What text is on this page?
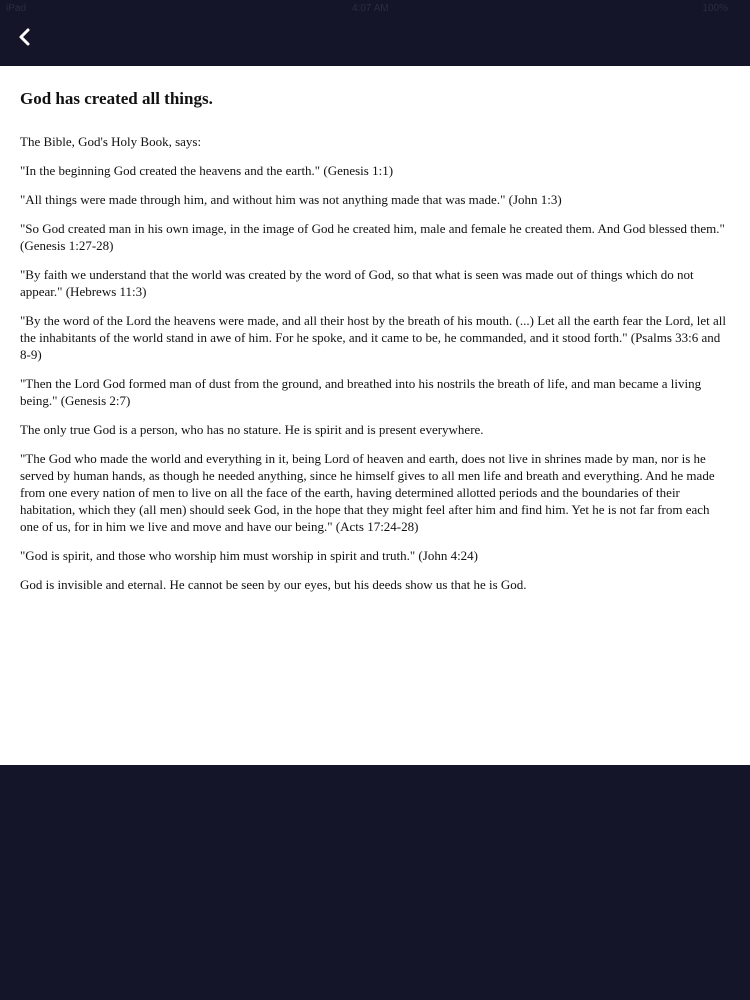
iPad	4:07 AM	100%
God has created all things.

The Bible, God's Holy Book, says:

"In the beginning God created the heavens and the earth." (Genesis 1:1)

"All things were made through him, and without him was not anything made that was made." (John 1:3)

"So God created man in his own image, in the image of God he created him, male and female he created them. And God blessed them." (Genesis 1:27-28)

"By faith we understand that the world was created by the word of God, so that what is seen was made out of things which do not appear." (Hebrews 11:3)

"By the word of the Lord the heavens were made, and all their host by the breath of his mouth. (...) Let all the earth fear the Lord, let all the inhabitants of the world stand in awe of him. For he spoke, and it came to be, he commanded, and it stood forth." (Psalms 33:6 and 8-9)

"Then the Lord God formed man of dust from the ground, and breathed into his nostrils the breath of life, and man became a living being." (Genesis 2:7)

The only true God is a person, who has no stature. He is spirit and is present everywhere.

"The God who made the world and everything in it, being Lord of heaven and earth, does not live in shrines made by man, nor is he served by human hands, as though he needed anything, since he himself gives to all men life and breath and everything. And he made from one every nation of men to live on all the face of the earth, having determined allotted periods and the boundaries of their habitation, which they (all men) should seek God, in the hope that they might feel after him and find him. Yet he is not far from each one of us, for in him we live and move and have our being." (Acts 17:24-28)

"God is spirit, and those who worship him must worship in spirit and truth." (John 4:24)

God is invisible and eternal. He cannot be seen by our eyes, but his deeds show us that he is God.
